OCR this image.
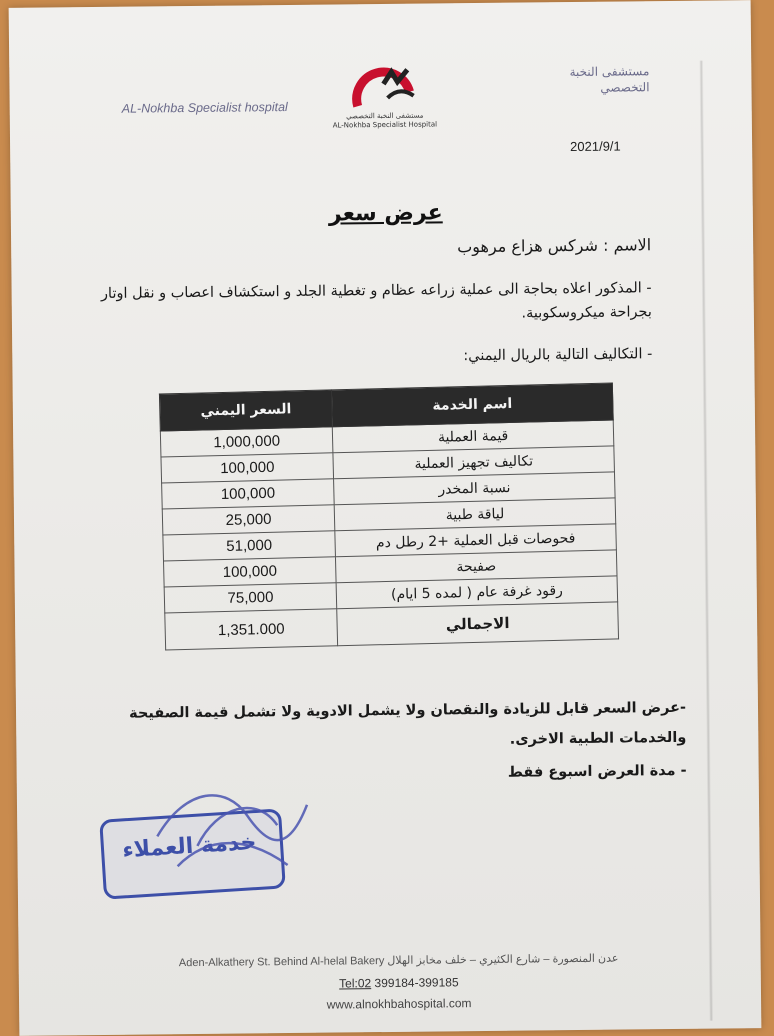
AL-Nokhba Specialist hospital
مستشفى النخبة التخصصي
مستشفى النخبة التخصصي
AL-Nokhba Specialist Hospital
2021/9/1
عرض سعر
الاسم : شركس هزاع مرهوب
- المذكور اعلاه بحاجة الى عملية زراعه عظام و تغطية الجلد و استكشاف اعصاب و نقل اوتار بجراحة ميكروسكوبية.
- التكاليف التالية بالريال اليمني:
السعر اليمني	اسم الخدمة
1,000,000	قيمة العملية
100,000	تكاليف تجهيز العملية
100,000	نسبة المخدر
25,000	لياقة طبية
51,000	فحوصات قبل العملية +2 رطل دم
100,000	صفيحة
75,000	رقود غرفة عام ( لمده 5 ايام)
1,351.000	الاجمالي
-عرض السعر قابل للزيادة والنقصان ولا يشمل الادوية ولا تشمل قيمة الصفيحة والخدمات الطبية الاخرى.
- مدة العرض اسبوع فقط
خدمة العملاء
Aden-Alkathery St. Behind Al-helal Bakery عدن المنصورة – شارع الكثيري – خلف مخابز الهلال
Tel:02 399184-399185
www.alnokhbahospital.com
